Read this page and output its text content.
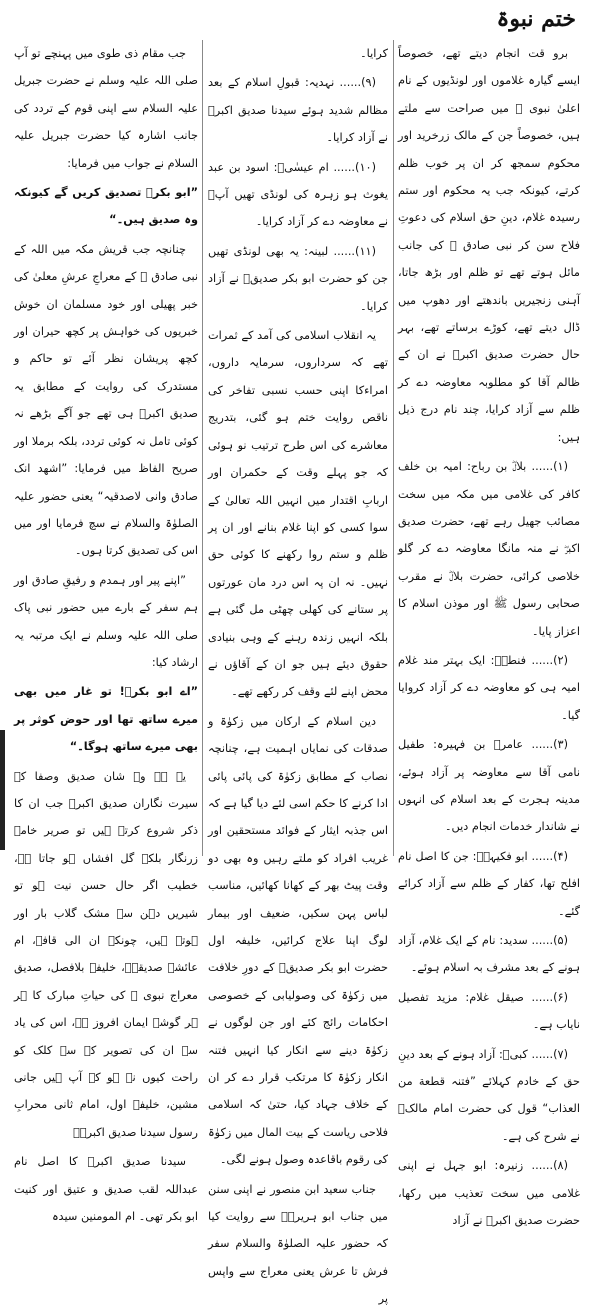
ختم نبوۃ

برو قت انجام دیتے تھے، خصوصاً ایسے گیارہ غلاموں اور لونڈیوں کے نام اعلیٰ نبوی ﷺ میں صراحت سے ملتے ہیں، خصوصاً جن کے مالک زرخرید اور محکوم سمجھ کر ان پر خوب ظلم کرتے، کیونکہ جب یہ محکوم اور ستم رسیدہ غلام، دینِ حق اسلام کی دعوتِ فلاح سن کر نبی صادق ﷺ کی جانب مائل ہوتے تھے تو ظلم اور بڑھ جاتا، آہنی زنجیریں باندھتے اور دھوپ میں ڈال دیتے تھے، کوڑے برساتے تھے، بہر حال حضرت صدیق اکبرؓ نے ان کے ظالم آقا کو مطلوبہ معاوضہ دے کر ظلم سے آزاد کرایا، چند نام درج ذیل ہیں:

(۱)...... بلالؓ بن رباح: امیہ بن خلف کافر کی غلامی میں مکہ میں سخت مصائب جھیل رہے تھے، حضرت صدیق اکبرؓ نے منہ مانگا معاوضہ دے کر گلو خلاصی کرائی، حضرت بلالؓ نے مقرب صحابی رسول ﷺ اور موذن اسلام کا اعزاز پایا۔

(۲)...... فنطہؓ: ایک بہتر مند غلام امیہ ہی کو معاوضہ دے کر آزاد کروایا گیا۔

(۳)...... عامرؓ بن فہیرہ: طفیل نامی آقا سے معاوضہ پر آزاد ہوئے، مدینہ ہجرت کے بعد اسلام کی انہوں نے شاندار خدمات انجام دیں۔

(۴)...... ابو فکیہہؓ: جن کا اصل نام افلح تھا، کفار کے ظلم سے آزاد کرائے گئے۔

(۵)...... سدید: نام کے ایک غلام، آزاد ہونے کے بعد مشرف بہ اسلام ہوئے۔

(۶)...... صیقل غلام: مزید تفصیل نایاب ہے۔

(۷)...... کبیؓ: آزاد ہونے کے بعد دینِ حق کے خادم کہلائے ”فتنہ قطعة من العذاب“ قول کی حضرت امام مالکؒ نے شرح کی ہے۔

(۸)...... زنیرہ: ابو جہل نے اپنی غلامی میں سخت تعذیب میں رکھا، حضرت صدیق اکبرؓ نے آزاد

کرایا۔

(۹)...... نہدیہ: قبولِ اسلام کے بعد مظالم شدید ہوئے سیدنا صدیق اکبرؓ نے آزاد کرایا۔

(۱۰)...... ام عیسٰیؓ: اسود بن عبد یغوث ہو زہرہ کی لونڈی تھیں آپؓ نے معاوضہ دے کر آزاد کرایا۔

(۱۱)...... لبینہ: یہ بھی لونڈی تھیں جن کو حضرت ابو بکر صدیقؓ نے آزاد کرایا۔

یہ انقلاب اسلامی کی آمد کے ثمرات تھے کہ سرداروں، سرمایہ داروں، امراءکا اپنی حسب نسبی تفاخر کی ناقص روایت ختم ہو گئی، بتدریج معاشرے کی اس طرح ترتیب نو ہوئی کہ جو پہلے وقت کے حکمران اور اربابِ اقتدار میں انہیں اللہ تعالیٰ کے سوا کسی کو اپنا غلام بنانے اور ان پر ظلم و ستم روا رکھنے کا کوئی حق نہیں۔ نہ ان پہ اس درد مان عورتوں پر ستانے کی کھلی چھٹی مل گئی ہے بلکہ انہیں زندہ رہنے کے وہی بنیادی حقوق دیئے ہیں جو ان کے آقاؤں نے محض اپنے لئے وقف کر رکھے تھے۔

دین اسلام کے ارکان میں زکوٰۃ و صدقات کی نمایاں اہمیت ہے، چنانچہ نصاب کے مطابق زکوٰۃ کی پائی پائی ادا کرنے کا حکم اسی لئے دیا گیا ہے کہ اس جذبہ ایثار کے فوائد مستحقین اور غریب افراد کو ملتے رہیں وہ بھی دو وقت پیٹ بھر کے کھانا کھائیں، مناسب لباس پہن سکیں، ضعیف اور بیمار لوگ اپنا علاج کرائیں، خلیفہ اول حضرت ابو بکر صدیقؓ کے دورِ خلافت میں زکوٰۃ کی وصولیابی کے خصوصی احکامات رائج کئے اور جن لوگوں نے زکوٰۃ دینے سے انکار کیا انہیں فتنہ انکار زکوٰۃ کا مرتکب قرار دے کر ان کے خلاف جہاد کیا، حتیٰ کہ اسلامی فلاحی ریاست کے بیت المال میں زکوٰۃ کی رقوم باقاعدہ وصول ہونے لگی۔

جناب سعید ابن منصور نے اپنی سنن میں جناب ابو ہریرہؓ سے روایت کیا کہ حضور علیہ الصلوٰۃ والسلام سفر فرش تا عرش یعنی معراج سے واپس پر

جب مقام ذی طوی میں پہنچے تو آپ صلی اللہ علیہ وسلم نے حضرت جبریل علیہ السلام سے اپنی قوم کے تردد کی جانب اشارہ کیا حضرت جبریل علیہ السلام نے جواب میں فرمایا:

”ابو بکرؓ تصدیق کریں گے کیونکہ وہ صدیق ہیں۔“

چنانچہ جب قریش مکہ میں اللہ کے نبی صادق ﷺ کے معراجِ عرشِ معلیٰ کی خبر پھیلی اور خود مسلمان ان خوش خبریوں کی خواہش پر کچھ حیران اور کچھ پریشان نظر آئے تو حاکم و مستدرک کی روایت کے مطابق یہ صدیق اکبرؓ ہی تھے جو آگے بڑھے نہ کوئی تامل نہ کوئی تردد، بلکہ برملا اور صریح الفاظ میں فرمایا: ”اشھد انک صادق وانی لاصدقیہ“ یعنی حضور علیہ الصلوٰۃ والسلام نے سچ فرمایا اور میں اس کی تصدیق کرتا ہوں۔

”اپنے پیر اور ہمدم و رفیقِ صادق اور ہم سفر کے بارے میں حضور نبی پاک صلی اللہ علیہ وسلم نے ایک مرتبہ یہ ارشاد کیا:

”اے ابو بکرؓ! تو غار میں بھی میرے ساتھ تھا اور حوض کوثر پر بھی میرے ساتھ ہوگا۔“

یہ ہے وہ شان صدیق وصفا کہ سیرت نگاران صدیق اکبرؓ جب ان کا ذکر شروع کرتے ہیں تو صریر خامہ زرنگار بلکہ گل افشاں ہو جاتا ہے، خطیب اگر حال حسن نیت ہو تو شیریں دہن سے مشک گلاب بار اور ہوتے ہیں، چونکہ ان الی قافہ، ام عائشہ صدیقہؓ، خلیفہ بلافصل، صدیق معراج نبوی ﷺ کی حیاتِ مبارک کا ہر ہر گوشہ ایمان افروز ہے، اس کی یاد سے ان کی تصویر کہ سے کلک کو راحت کیوں نہ ہو کہ آپ ہیں جانی مشین، خلیفہ اول، امام ثانی محرابِ رسول سیدنا صدیق اکبرؓ۔

سیدنا صدیق اکبرؓ کا اصل نام عبداللہ لقب صدیق و عتیق اور کنیت ابو بکر تھی۔ ام المومنین سیدہ
